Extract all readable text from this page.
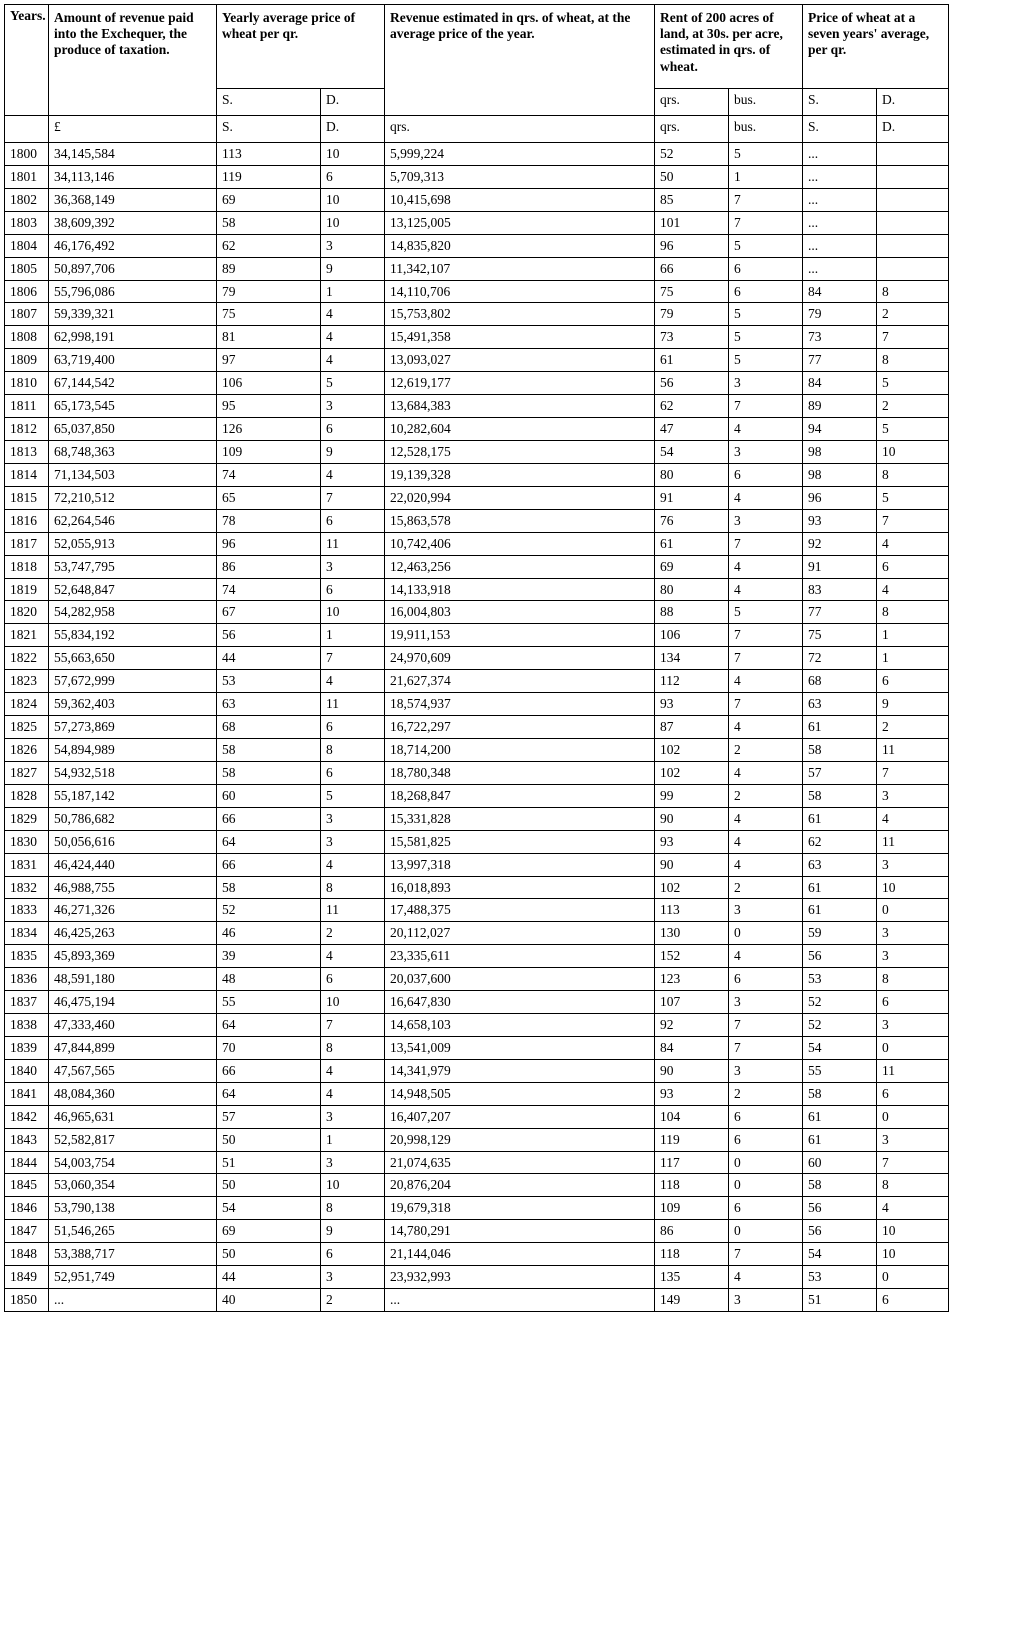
Years.	Amount of revenue paid into the Exchequer, the produce of taxation.	Yearly average price of wheat per qr.		Revenue estimated in qrs. of wheat, at the average price of the year.	Rent of 200 acres of land, at 30s. per acre, estimated in qrs. of wheat.		Price of wheat at a seven years' average, per qr.	
		S.	D.		qrs.	bus.	S.	D.
	£	S.	D.	qrs.	qrs.	bus.	S.	D.
1800	34,145,584	113	10	5,999,224	52	5	...	
1801	34,113,146	119	6	5,709,313	50	1	...	
1802	36,368,149	69	10	10,415,698	85	7	...	
1803	38,609,392	58	10	13,125,005	101	7	...	
1804	46,176,492	62	3	14,835,820	96	5	...	
1805	50,897,706	89	9	11,342,107	66	6	...	
1806	55,796,086	79	1	14,110,706	75	6	84	8
1807	59,339,321	75	4	15,753,802	79	5	79	2
1808	62,998,191	81	4	15,491,358	73	5	73	7
1809	63,719,400	97	4	13,093,027	61	5	77	8
1810	67,144,542	106	5	12,619,177	56	3	84	5
1811	65,173,545	95	3	13,684,383	62	7	89	2
1812	65,037,850	126	6	10,282,604	47	4	94	5
1813	68,748,363	109	9	12,528,175	54	3	98	10
1814	71,134,503	74	4	19,139,328	80	6	98	8
1815	72,210,512	65	7	22,020,994	91	4	96	5
1816	62,264,546	78	6	15,863,578	76	3	93	7
1817	52,055,913	96	11	10,742,406	61	7	92	4
1818	53,747,795	86	3	12,463,256	69	4	91	6
1819	52,648,847	74	6	14,133,918	80	4	83	4
1820	54,282,958	67	10	16,004,803	88	5	77	8
1821	55,834,192	56	1	19,911,153	106	7	75	1
1822	55,663,650	44	7	24,970,609	134	7	72	1
1823	57,672,999	53	4	21,627,374	112	4	68	6
1824	59,362,403	63	11	18,574,937	93	7	63	9
1825	57,273,869	68	6	16,722,297	87	4	61	2
1826	54,894,989	58	8	18,714,200	102	2	58	11
1827	54,932,518	58	6	18,780,348	102	4	57	7
1828	55,187,142	60	5	18,268,847	99	2	58	3
1829	50,786,682	66	3	15,331,828	90	4	61	4
1830	50,056,616	64	3	15,581,825	93	4	62	11
1831	46,424,440	66	4	13,997,318	90	4	63	3
1832	46,988,755	58	8	16,018,893	102	2	61	10
1833	46,271,326	52	11	17,488,375	113	3	61	0
1834	46,425,263	46	2	20,112,027	130	0	59	3
1835	45,893,369	39	4	23,335,611	152	4	56	3
1836	48,591,180	48	6	20,037,600	123	6	53	8
1837	46,475,194	55	10	16,647,830	107	3	52	6
1838	47,333,460	64	7	14,658,103	92	7	52	3
1839	47,844,899	70	8	13,541,009	84	7	54	0
1840	47,567,565	66	4	14,341,979	90	3	55	11
1841	48,084,360	64	4	14,948,505	93	2	58	6
1842	46,965,631	57	3	16,407,207	104	6	61	0
1843	52,582,817	50	1	20,998,129	119	6	61	3
1844	54,003,754	51	3	21,074,635	117	0	60	7
1845	53,060,354	50	10	20,876,204	118	0	58	8
1846	53,790,138	54	8	19,679,318	109	6	56	4
1847	51,546,265	69	9	14,780,291	86	0	56	10
1848	53,388,717	50	6	21,144,046	118	7	54	10
1849	52,951,749	44	3	23,932,993	135	4	53	0
1850	...	40	2	...	149	3	51	6
